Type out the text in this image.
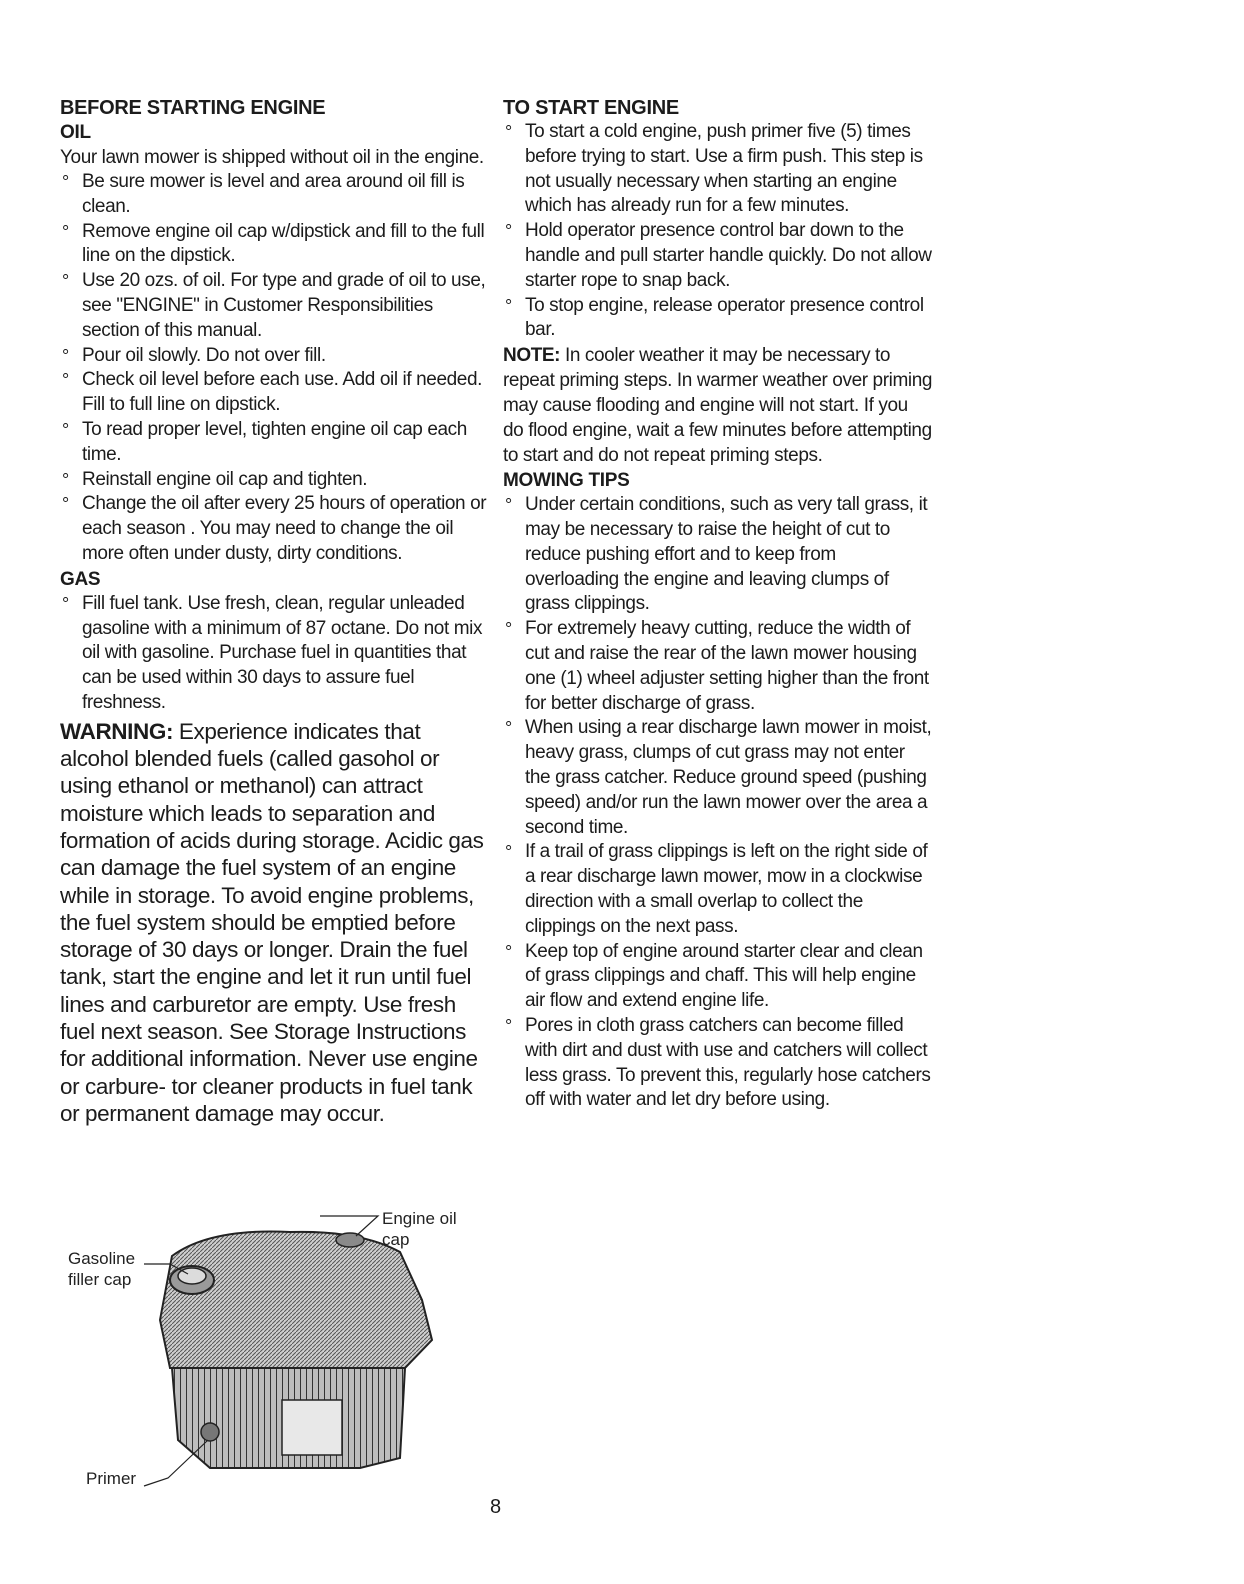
BEFORE STARTING ENGINE

OIL

Your lawn mower is shipped without oil in the engine.

° Be sure mower is level and area around oil fill is clean.
° Remove engine oil cap w/dipstick and fill to the full line on the dipstick.
° Use 20 ozs. of oil. For type and grade of oil to use, see "ENGINE" in Customer Responsibilities section of this manual.
° Pour oil slowly. Do not over fill.
° Check oil level before each use. Add oil if needed. Fill to full line on dipstick.
° To read proper level, tighten engine oil cap each time.
° Reinstall engine oil cap and tighten.
° Change the oil after every 25 hours of operation or each season . You may need to change the oil more often under dusty, dirty conditions.

GAS

° Fill fuel tank. Use fresh, clean, regular unleaded gasoline with a minimum of 87 octane. Do not mix oil with gasoline. Purchase fuel in quantities that can be used within 30 days to assure fuel freshness.

WARNING: Experience indicates that alcohol blended fuels (called gasohol or using ethanol or methanol) can attract moisture which leads to separation and formation of acids during storage. Acidic gas can damage the fuel system of an engine while in storage. To avoid engine problems, the fuel system should be emptied before storage of 30 days or longer. Drain the fuel tank, start the engine and let it run until fuel lines and carburetor are empty. Use fresh fuel next season. See Storage Instructions for additional information. Never use engine or carbure- tor cleaner products in fuel tank or permanent damage may occur.

Engine oil cap
Gasoline filler cap
Primer

TO START ENGINE

° To start a cold engine, push primer five (5) times before trying to start. Use a firm push. This step is not usually necessary when starting an engine which has already run for a few minutes.
° Hold operator presence control bar down to the handle and pull starter handle quickly. Do not allow starter rope to snap back.
° To stop engine, release operator presence control bar.

NOTE: In cooler weather it may be necessary to repeat priming steps. In warmer weather over priming may cause flooding and engine will not start. If you do flood engine, wait a few minutes before attempting to start and do not repeat priming steps.

MOWING TIPS

° Under certain conditions, such as very tall grass, it may be necessary to raise the height of cut to reduce pushing effort and to keep from overloading the engine and leaving clumps of grass clippings.
° For extremely heavy cutting, reduce the width of cut and raise the rear of the lawn mower housing one (1) wheel adjuster setting higher than the front for better discharge of grass.
° When using a rear discharge lawn mower in moist, heavy grass, clumps of cut grass may not enter the grass catcher. Reduce ground speed (pushing speed) and/or run the lawn mower over the area a second time.
° If a trail of grass clippings is left on the right side of a rear discharge lawn mower, mow in a clockwise direction with a small overlap to collect the clippings on the next pass.
° Keep top of engine around starter clear and clean of grass clippings and chaff. This will help engine air flow and extend engine life.
° Pores in cloth grass catchers can become filled with dirt and dust with use and catchers will collect less grass. To prevent this, regularly hose catchers off with water and let dry before using.
8
